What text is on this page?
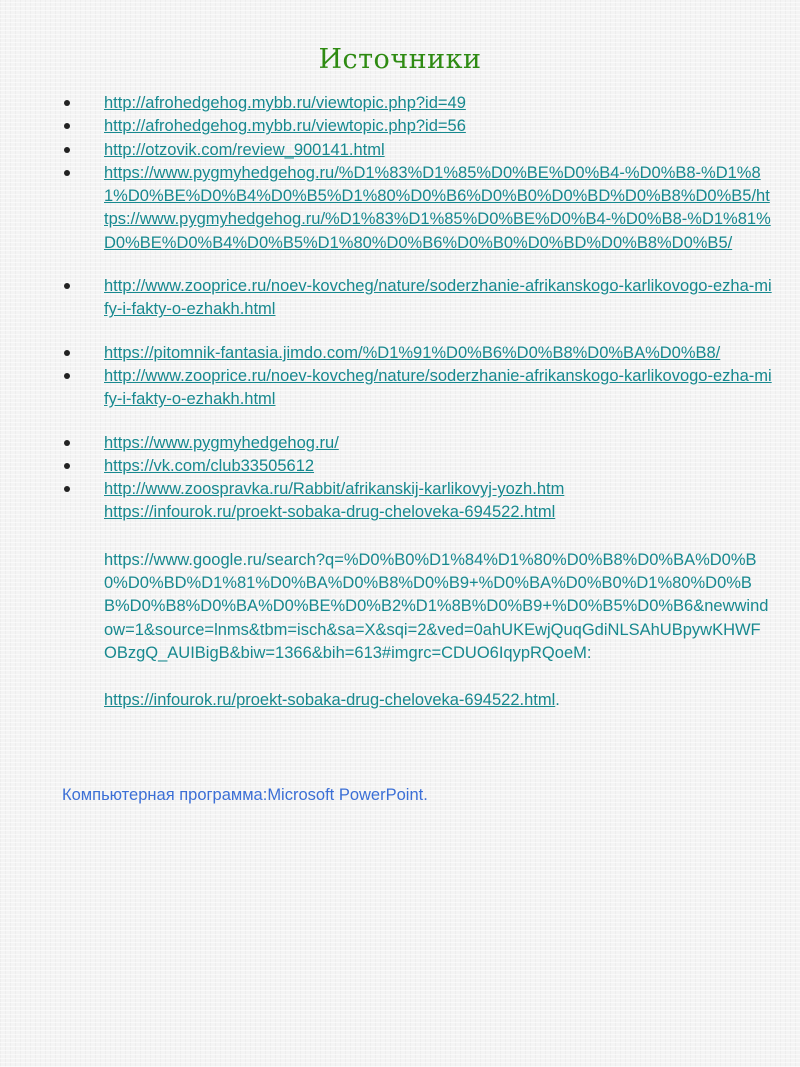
Источники
http://afrohedgehog.mybb.ru/viewtopic.php?id=49
http://afrohedgehog.mybb.ru/viewtopic.php?id=56
http://otzovik.com/review_900141.html
https://www.pygmyhedgehog.ru/%D1%83%D1%85%D0%BE%D0%B4-%D0%B8-%D1%81%D0%BE%D0%B4%D0%B5%D1%80%D0%B6%D0%B0%D0%BD%D0%B8%D0%B5/https://www.pygmyhedgehog.ru/%D1%83%D1%85%D0%BE%D0%B4-%D0%B8-%D1%81%D0%BE%D0%B4%D0%B5%D1%80%D0%B6%D0%B0%D0%BD%D0%B8%D0%B5/
http://www.zooprice.ru/noev-kovcheg/nature/soderzhanie-afrikanskogo-karlikovogo-ezha-mify-i-fakty-o-ezhakh.html
https://pitomnik-fantasia.jimdo.com/%D1%91%D0%B6%D0%B8%D0%BA%D0%B8/
http://www.zooprice.ru/noev-kovcheg/nature/soderzhanie-afrikanskogo-karlikovogo-ezha-mify-i-fakty-o-ezhakh.html
https://www.pygmyhedgehog.ru/
https://vk.com/club33505612
http://www.zoospravka.ru/Rabbit/afrikanskij-karlikovyj-yozh.htm
https://infourok.ru/proekt-sobaka-drug-cheloveka-694522.html
https://www.google.ru/search?q=%D0%B0%D1%84%D1%80%D0%B8%D0%BA%D0%B0%D0%BD%D1%81%D0%BA%D0%B8%D0%B9+%D0%BA%D0%B0%D1%80%D0%BB%D0%B8%D0%BA%D0%BE%D0%B2%D1%8B%D0%B9+%D0%B5%D0%B6&newwindow=1&source=lnms&tbm=isch&sa=X&sqi=2&ved=0ahUKEwjQuqGdiNLSAhUBpywKHWFOBzgQ_AUIBigB&biw=1366&bih=613#imgrc=CDUO6IqypRQoeM:
https://infourok.ru/proekt-sobaka-drug-cheloveka-694522.html.
Компьютерная программа:Microsoft PowerPoint.
